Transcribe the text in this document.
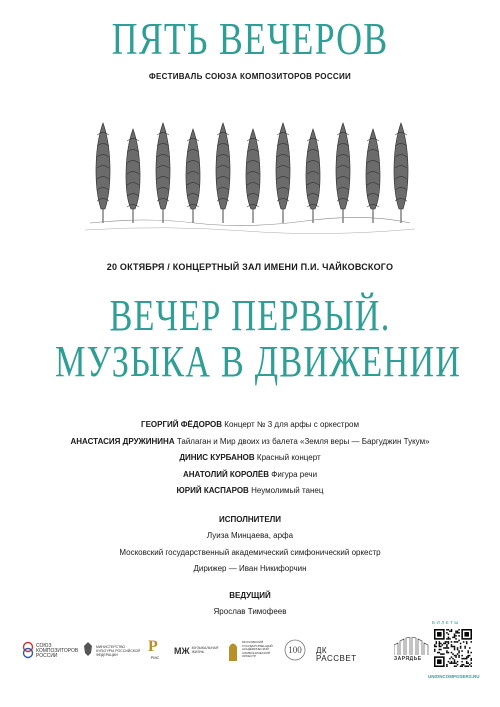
ПЯТЬ ВЕЧЕРОВ
ФЕСТИВАЛЬ СОЮЗА КОМПОЗИТОРОВ РОССИИ
20 ОКТЯБРЯ / КОНЦЕРТНЫЙ ЗАЛ ИМЕНИ П.И. ЧАЙКОВСКОГО
ВЕЧЕР ПЕРВЫЙ.
МУЗЫКА В ДВИЖЕНИИ
ГЕОРГИЙ ФЁДОРОВ Концерт № 3 для арфы с оркестром
АНАСТАСИЯ ДРУЖИНИНА Тайлаган и Мир двоих из балета «Земля веры — Баргуджин Тукум»
ДИНИС КУРБАНОВ Красный концерт
АНАТОЛИЙ КОРОЛЁВ Фигура речи
ЮРИЙ КАСПАРОВ Неумолимый танец
ИСПОЛНИТЕЛИ
Луиза Минцаева, арфа
Московский государственный академический симфонический оркестр
Дирижер — Иван Никифорчин
ВЕДУЩИЙ
Ярослав Тимофеев
СОЮЗ КОМПОЗИТОРОВ РОССИИ
МИНИСТЕРСТВО КУЛЬТУРЫ РОССИЙСКОЙ ФЕДЕРАЦИИ	Р
РМС
МЖ МУЗЫКАЛЬНАЯ ЖИЗНЬ
МОСКОВСКИЙ ГОСУДАРСТВЕННЫЙ АКАДЕМИЧЕСКИЙ СИМФОНИЧЕСКИЙ ОРКЕСТР
100 ДК РАССВЕТ	ЗАРЯДЬЕ
БИЛЕТЫ
UNIONCOMPOSERS.RU
